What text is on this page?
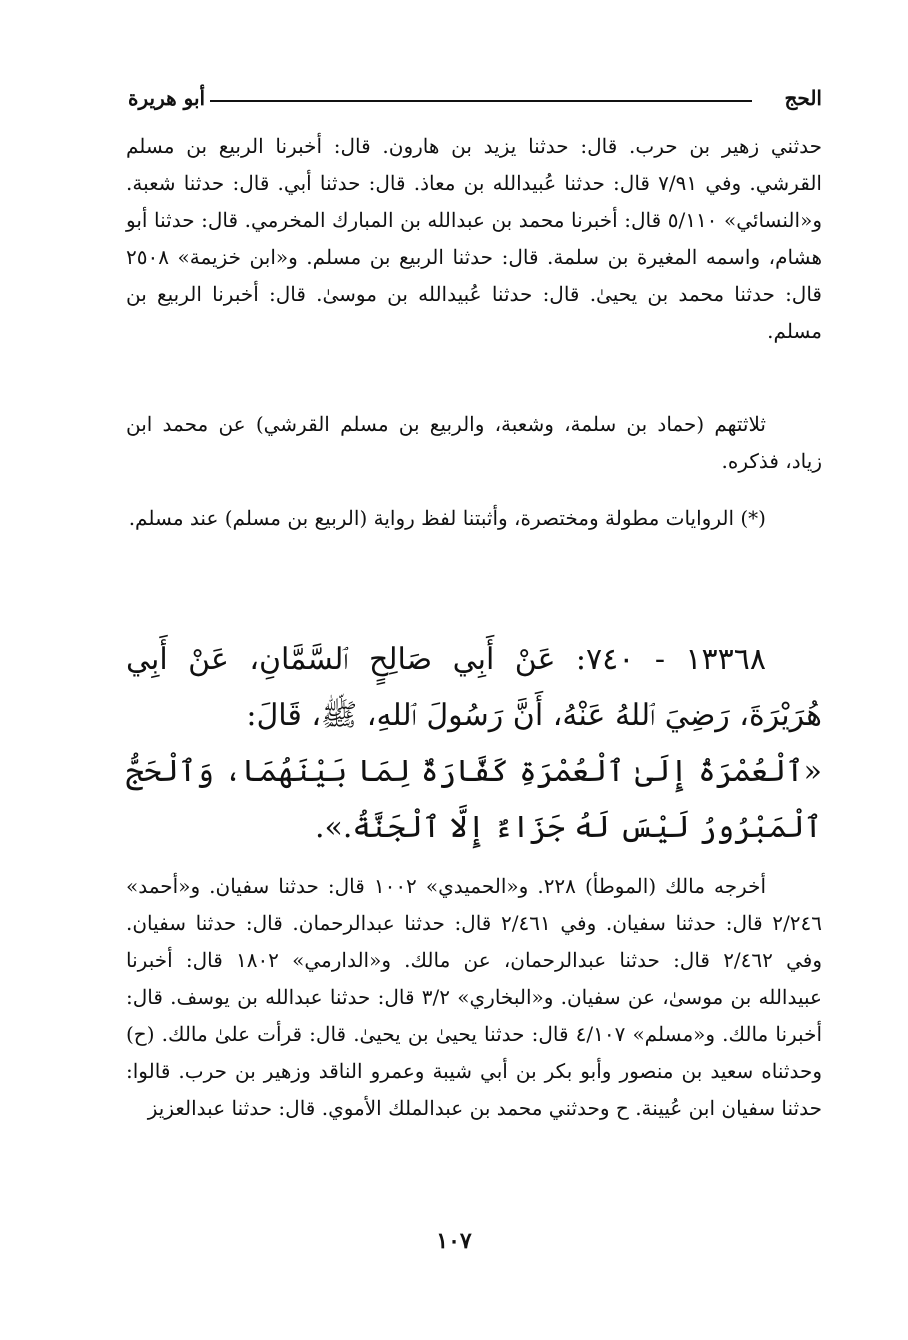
الحج
أبو هريرة

حدثني زهير بن حرب. قال: حدثنا يزيد بن هارون. قال: أخبرنا الربيع بن مسلم القرشي. وفي ٧/٩١ قال: حدثنا عُبيدالله بن معاذ. قال: حدثنا أبي. قال: حدثنا شعبة. و«النسائي» ٥/١١٠ قال: أخبرنا محمد بن عبدالله بن المبارك المخرمي. قال: حدثنا أبو هشام، واسمه المغيرة بن سلمة. قال: حدثنا الربيع بن مسلم. و«ابن خزيمة» ٢٥٠٨ قال: حدثنا محمد بن يحيىٰ. قال: حدثنا عُبيدالله بن موسىٰ. قال: أخبرنا الربيع بن مسلم.

ثلاثتهم (حماد بن سلمة، وشعبة، والربيع بن مسلم القرشي) عن محمد ابن زياد، فذكره.

(*) الروايات مطولة ومختصرة، وأثبتنا لفظ رواية (الربيع بن مسلم) عند مسلم.

١٣٣٦٨ - ٧٤٠: عَنْ أَبِي صَالِحٍ ٱلسَّمَّانِ، عَنْ أَبِي هُرَيْرَةَ، رَضِيَ ٱللهُ عَنْهُ، أَنَّ رَسُولَ ٱللهِ، ﷺ، قَالَ:

«ٱلْعُمْرَةُ إِلَىٰ ٱلْعُمْرَةِ كَفَّارَةٌ لِمَا بَيْنَهُمَا، وَٱلْحَجُّ ٱلْمَبْرُورُ لَيْسَ لَهُ جَزَاءٌ إِلَّا ٱلْجَنَّةُ.».

أخرجه مالك (الموطأ) ٢٢٨. و«الحميدي» ١٠٠٢ قال: حدثنا سفيان. و«أحمد» ٢/٢٤٦ قال: حدثنا سفيان. وفي ٢/٤٦١ قال: حدثنا عبدالرحمان. قال: حدثنا سفيان. وفي ٢/٤٦٢ قال: حدثنا عبدالرحمان، عن مالك. و«الدارمي» ١٨٠٢ قال: أخبرنا عبيدالله بن موسىٰ، عن سفيان. و«البخاري» ٣/٢ قال: حدثنا عبدالله بن يوسف. قال: أخبرنا مالك. و«مسلم» ٤/١٠٧ قال: حدثنا يحيىٰ بن يحيىٰ. قال: قرأت علىٰ مالك. (ح) وحدثناه سعيد بن منصور وأبو بكر بن أبي شيبة وعمرو الناقد وزهير بن حرب. قالوا: حدثنا سفيان ابن عُيينة. ح وحدثني محمد بن عبدالملك الأموي. قال: حدثنا عبدالعزيز

١٠٧
